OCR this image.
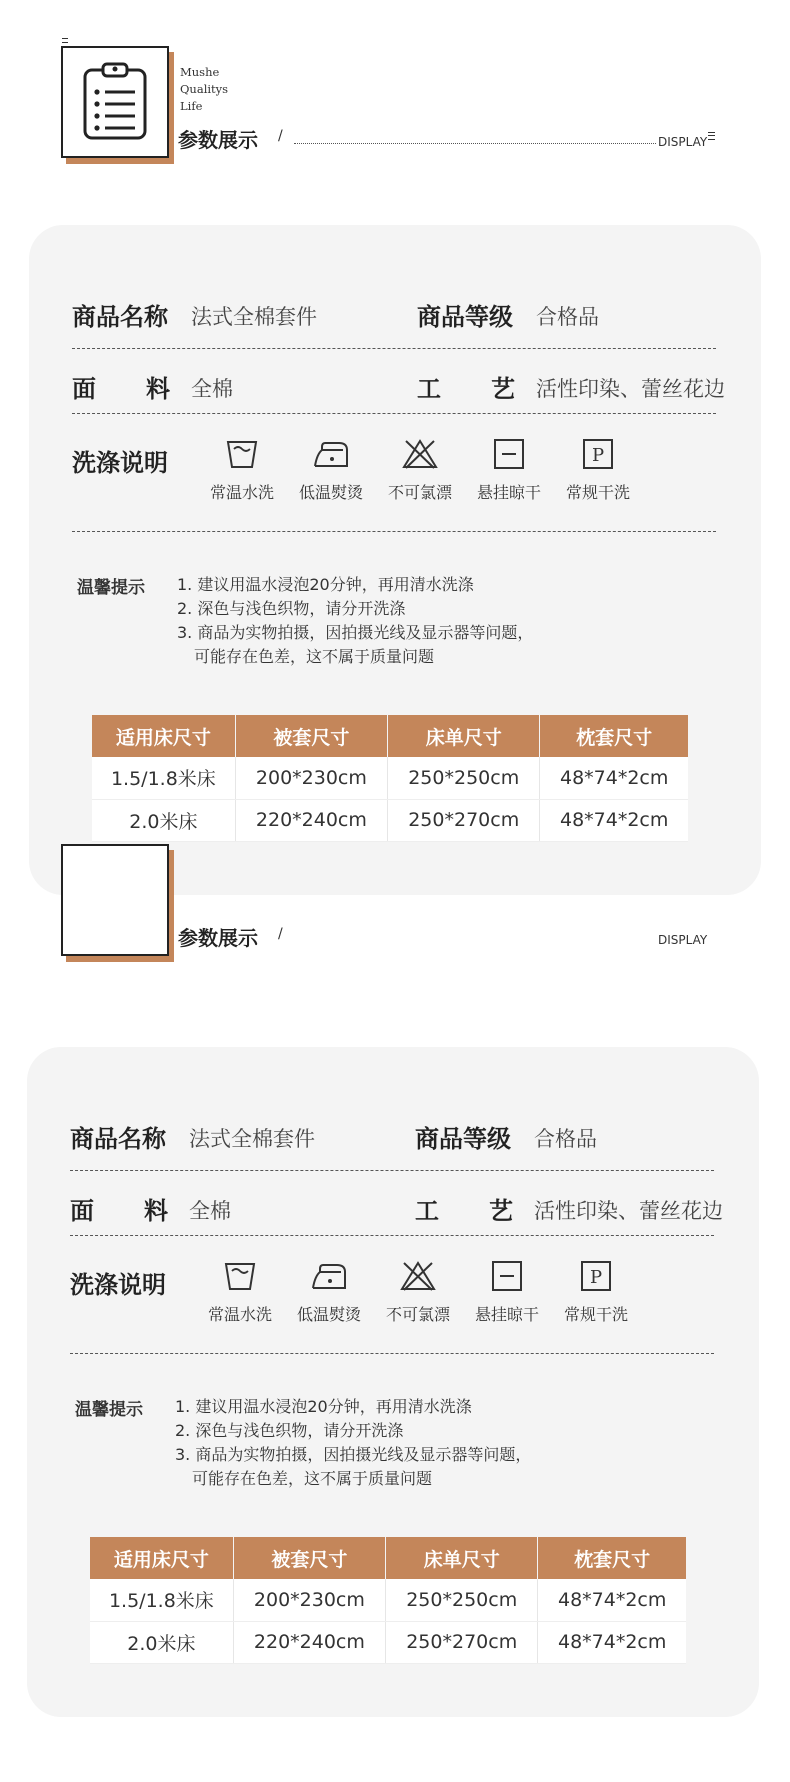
Mushe
Qualitys
Life
参数展示 /	DISPLAY
商品名称 法式全棉套件	商品等级 合格品
面 料 全棉	工 艺 活性印染、蕾丝花边
洗涤说明
常温水洗	低温熨烫	不可氯漂	悬挂晾干
P
常规干洗
温馨提示 1. 建议用温水浸泡20分钟，再用清水洗涤
2. 深色与浅色织物，请分开洗涤
3. 商品为实物拍摄，因拍摄光线及显示器等问题，
可能存在色差，这不属于质量问题
适用床尺寸	被套尺寸	床单尺寸	枕套尺寸
1.5/1.8米床	200*230cm	250*250cm	48*74*2cm
2.0米床	220*240cm	250*270cm	48*74*2cm
参数展示 /	DISPLAY
商品名称 法式全棉套件	商品等级 合格品
面 料 全棉	工 艺 活性印染、蕾丝花边
洗涤说明
常温水洗	低温熨烫	不可氯漂	悬挂晾干
P
常规干洗
温馨提示 1. 建议用温水浸泡20分钟，再用清水洗涤
2. 深色与浅色织物，请分开洗涤
3. 商品为实物拍摄，因拍摄光线及显示器等问题，
可能存在色差，这不属于质量问题
适用床尺寸	被套尺寸	床单尺寸	枕套尺寸
1.5/1.8米床	200*230cm	250*250cm	48*74*2cm
2.0米床	220*240cm	250*270cm	48*74*2cm
